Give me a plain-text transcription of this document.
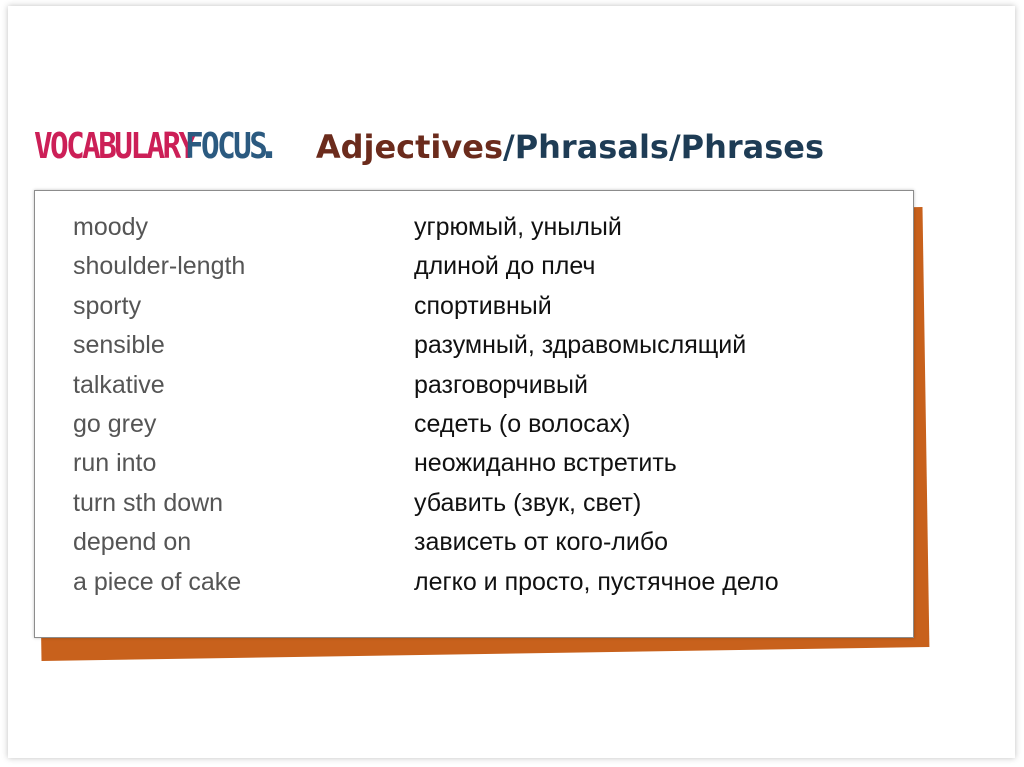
VOCABULARY
FOCUS
. Adjectives / Phrasals / Phrases
moody	угрюмый, унылый
shoulder-length	длиной до плеч
sporty	спортивный
sensible	разумный, здравомыслящий
talkative	разговорчивый
go grey	седеть (о волосах)
run into	неожиданно встретить
turn sth down	убавить (звук, свет)
depend on	зависеть от кого-либо
a piece of cake	легко и просто, пустячное дело
